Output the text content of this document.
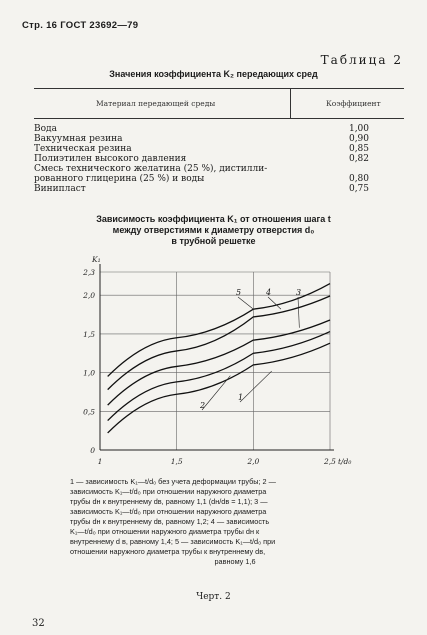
Стр. 16 ГОСТ 23692—79
Таблица 2
Значения коэффициента K₂ передающих сред
Материал передающей среды	Коэффициент
Вода	1,00
Вакуумная резина	0,90
Техническая резина	0,85
Полиэтилен высокого давления	0,82
Смесь технического желатина (25 %), дистилли-
рованного глицерина (25 %) и воды	0,80
Винипласт	0,75
Зависимость коэффициента K₁ от отношения шага t
между отверстиями к диаметру отверстия d₀
в трубной решетке
0
0,5
1,0
1,5
2,0
2,3
1	1,5	2,0	2,5
K₁
t/d₀
1
2
3
4
5
1 — зависимость K₁—t/d₀ без учета деформации трубы; 2 —
зависимость K₁—t/d₀ при отношении наружного диаметра
трубы dн к внутреннему dв, равному 1,1 (dн/dв = 1,1); 3 —
зависимость K₁—t/d₀ при отношении наружного диаметра
трубы dн к внутреннему dв, равному 1,2; 4 — зависимость
K₁—t/d₀ при отношении наружного диаметра трубы dн к
внутреннему d в, равному 1,4; 5 — зависимость K₁—t/d₀ при
отношении наружного диаметра трубы к внутреннему dв,
равному 1,6
Черт. 2
32
